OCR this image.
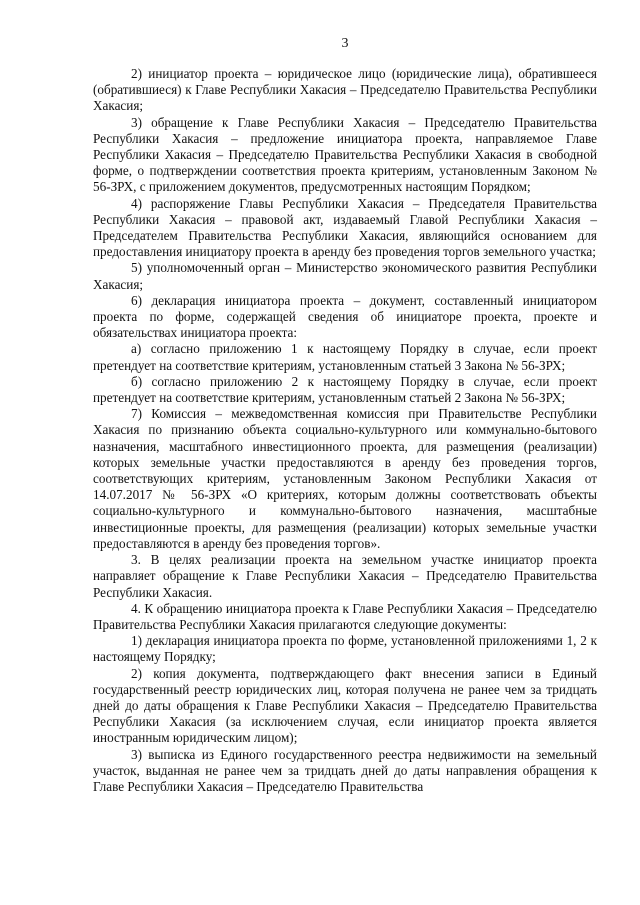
3

2) инициатор проекта – юридическое лицо (юридические лица), обратившееся (обратившиеся) к Главе Республики Хакасия – Председателю Правительства Республики Хакасия;

3) обращение к Главе Республики Хакасия – Председателю Правительства Республики Хакасия – предложение инициатора проекта, направляемое Главе Республики Хакасия – Председателю Правительства Республики Хакасия в свободной форме, о подтверждении соответствия проекта критериям, установленным Законом № 56-ЗРХ, с приложением документов, предусмотренных настоящим Порядком;

4) распоряжение Главы Республики Хакасия – Председателя Правительства Республики Хакасия – правовой акт, издаваемый Главой Республики Хакасия – Председателем Правительства Республики Хакасия, являющийся основанием для предоставления инициатору проекта в аренду без проведения торгов земельного участка;

5) уполномоченный орган – Министерство экономического развития Республики Хакасия;

6) декларация инициатора проекта – документ, составленный инициатором проекта по форме, содержащей сведения об инициаторе проекта, проекте и обязательствах инициатора проекта:

а) согласно приложению 1 к настоящему Порядку в случае, если проект претендует на соответствие критериям, установленным статьей 3 Закона № 56-ЗРХ;

б) согласно приложению 2 к настоящему Порядку в случае, если проект претендует на соответствие критериям, установленным статьей 2 Закона № 56-ЗРХ;

7) Комиссия – межведомственная комиссия при Правительстве Республики Хакасия по признанию объекта социально-культурного или коммунально-бытового назначения, масштабного инвестиционного проекта, для размещения (реализации) которых земельные участки предоставляются в аренду без проведения торгов, соответствующих критериям, установленным Законом Республики Хакасия от 14.07.2017 № 56-ЗРХ «О критериях, которым должны соответствовать объекты социально-культурного и коммунально-бытового назначения, масштабные инвестиционные проекты, для размещения (реализации) которых земельные участки предоставляются в аренду без проведения торгов».

3. В целях реализации проекта на земельном участке инициатор проекта направляет обращение к Главе Республики Хакасия – Председателю Правительства Республики Хакасия.

4. К обращению инициатора проекта к Главе Республики Хакасия – Председателю Правительства Республики Хакасия прилагаются следующие документы:

1) декларация инициатора проекта по форме, установленной приложениями 1, 2 к настоящему Порядку;

2) копия документа, подтверждающего факт внесения записи в Единый государственный реестр юридических лиц, которая получена не ранее чем за тридцать дней до даты обращения к Главе Республики Хакасия – Председателю Правительства Республики Хакасия (за исключением случая, если инициатор проекта является иностранным юридическим лицом);

3) выписка из Единого государственного реестра недвижимости на земельный участок, выданная не ранее чем за тридцать дней до даты направления обращения к Главе Республики Хакасия – Председателю Правительства
